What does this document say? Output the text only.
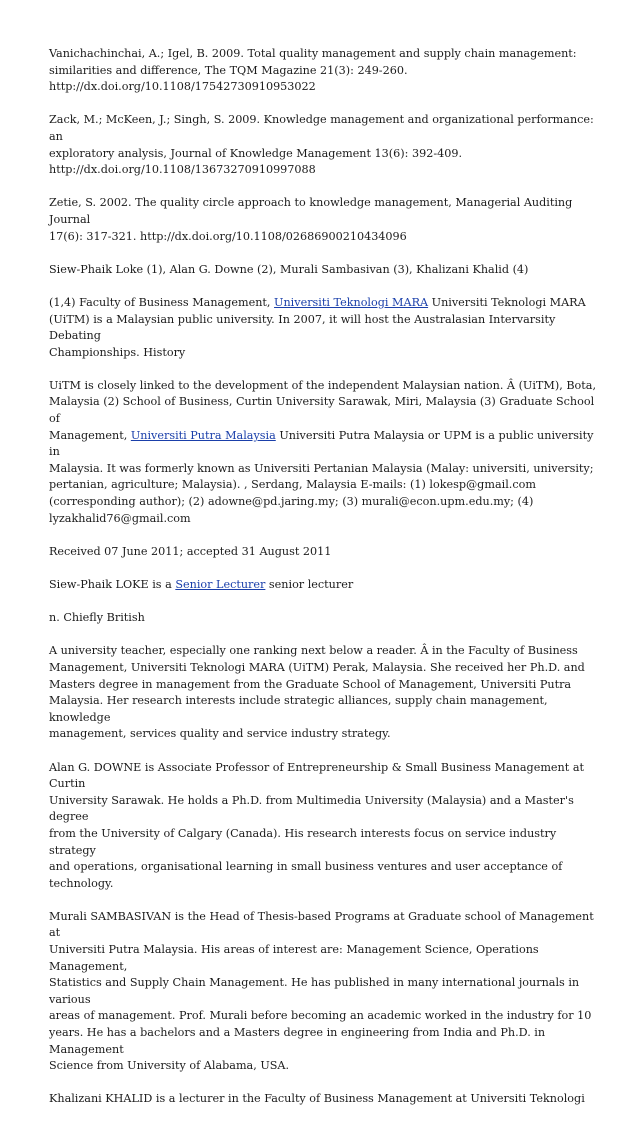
Vanichachinchai, A.; Igel, B. 2009. Total quality management and supply chain management:
similarities and difference, The TQM Magazine 21(3): 249-260.
http://dx.doi.org/10.1108/17542730910953022
Zack, M.; McKeen, J.; Singh, S. 2009. Knowledge management and organizational performance: an
exploratory analysis, Journal of Knowledge Management 13(6): 392-409.
http://dx.doi.org/10.1108/13673270910997088
Zetie, S. 2002. The quality circle approach to knowledge management, Managerial Auditing Journal
17(6): 317-321. http://dx.doi.org/10.1108/02686900210434096
Siew-Phaik Loke (1), Alan G. Downe (2), Murali Sambasivan (3), Khalizani Khalid (4)
(1,4) Faculty of Business Management, Universiti Teknologi MARA Universiti Teknologi MARA
(UiTM) is a Malaysian public university. In 2007, it will host the Australasian Intervarsity Debating
Championships. History
UiTM is closely linked to the development of the independent Malaysian nation. Â (UiTM), Bota,
Malaysia (2) School of Business, Curtin University Sarawak, Miri, Malaysia (3) Graduate School of
Management, Universiti Putra Malaysia Universiti Putra Malaysia or UPM is a public university in
Malaysia. It was formerly known as Universiti Pertanian Malaysia (Malay: universiti, university;
pertanian, agriculture; Malaysia). , Serdang, Malaysia E-mails: (1) lokesp@gmail.com
(corresponding author); (2) adowne@pd.jaring.my; (3) murali@econ.upm.edu.my; (4)
lyzakhalid76@gmail.com
Received 07 June 2011; accepted 31 August 2011
Siew-Phaik LOKE is a Senior Lecturer senior lecturer
n. Chiefly British
A university teacher, especially one ranking next below a reader. Â in the Faculty of Business
Management, Universiti Teknologi MARA (UiTM) Perak, Malaysia. She received her Ph.D. and
Masters degree in management from the Graduate School of Management, Universiti Putra
Malaysia. Her research interests include strategic alliances, supply chain management, knowledge
management, services quality and service industry strategy.
Alan G. DOWNE is Associate Professor of Entrepreneurship & Small Business Management at Curtin
University Sarawak. He holds a Ph.D. from Multimedia University (Malaysia) and a Master's degree
from the University of Calgary (Canada). His research interests focus on service industry strategy
and operations, organisational learning in small business ventures and user acceptance of
technology.
Murali SAMBASIVAN is the Head of Thesis-based Programs at Graduate school of Management at
Universiti Putra Malaysia. His areas of interest are: Management Science, Operations Management,
Statistics and Supply Chain Management. He has published in many international journals in various
areas of management. Prof. Murali before becoming an academic worked in the industry for 10
years. He has a bachelors and a Masters degree in engineering from India and Ph.D. in Management
Science from University of Alabama, USA.
Khalizani KHALID is a lecturer in the Faculty of Business Management at Universiti Teknologi
